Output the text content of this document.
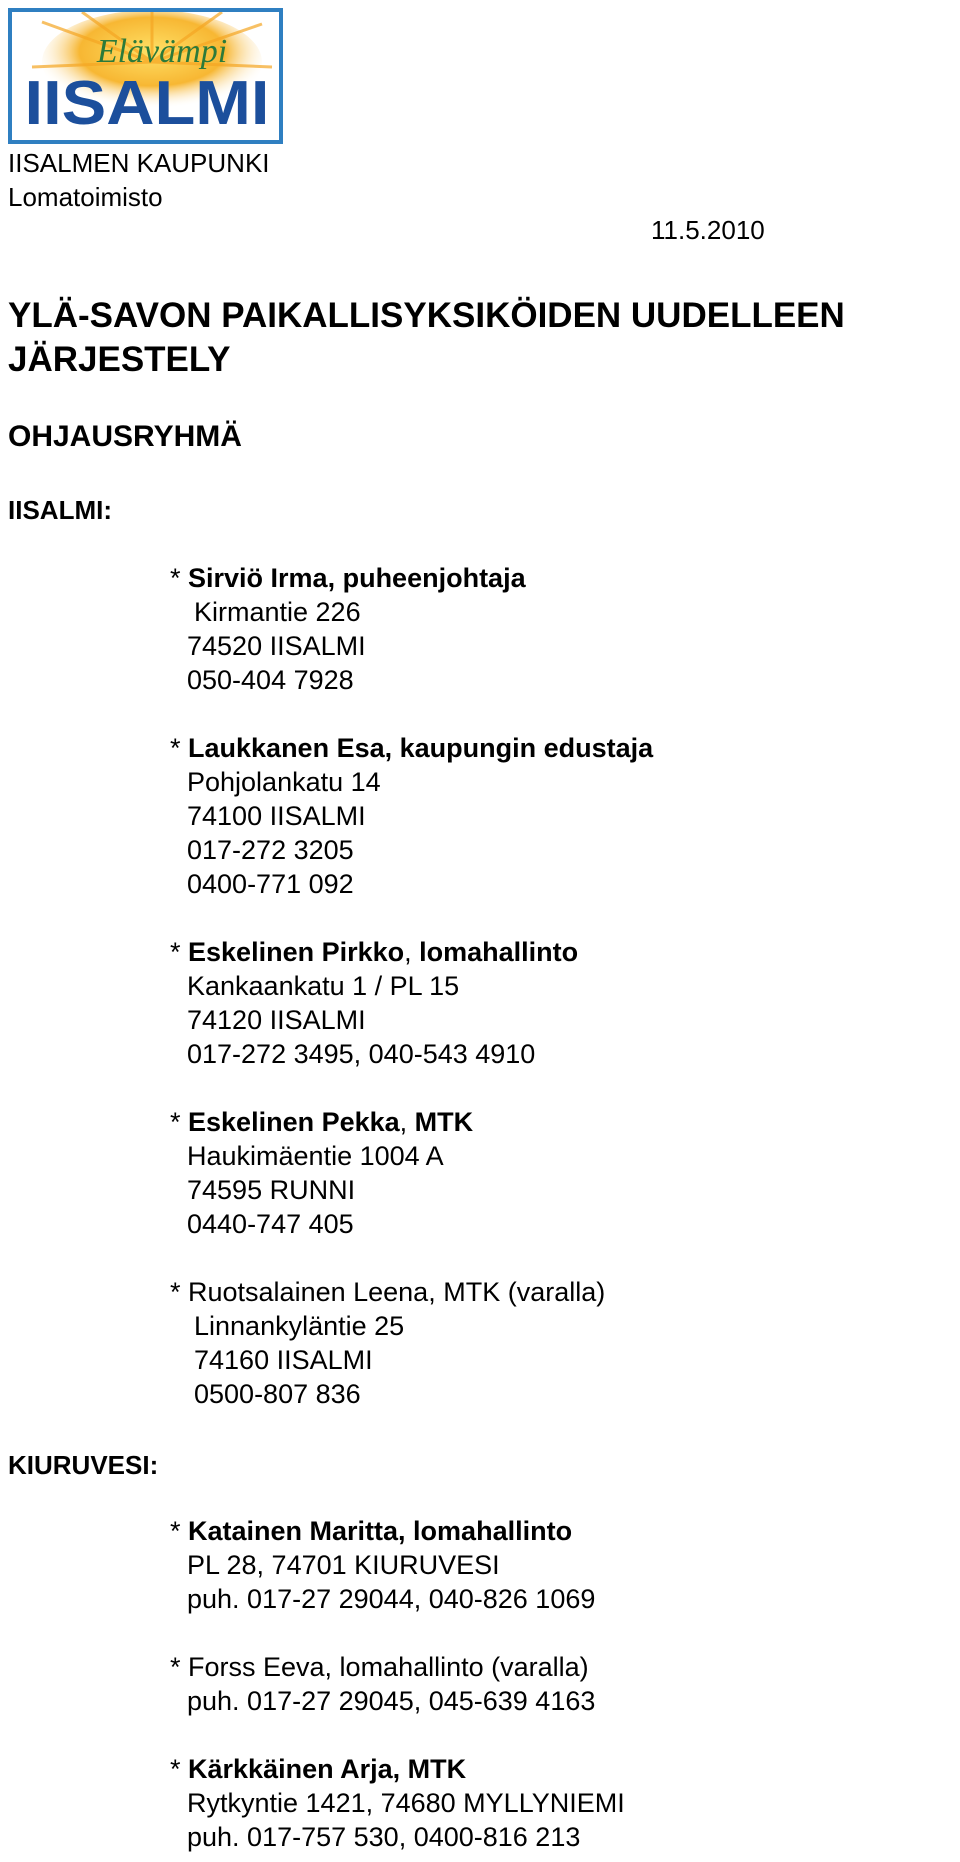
Elävämpi
IISALMI
IISALMEN KAUPUNKI
Lomatoimisto
11.5.2010
YLÄ-SAVON PAIKALLISYKSIKÖIDEN UUDELLEEN
JÄRJESTELY
OHJAUSRYHMÄ
IISALMI:
* Sirviö Irma, puheenjohtaja
Kirmantie 226
74520 IISALMI
050-404 7928
* Laukkanen Esa, kaupungin edustaja
Pohjolankatu 14
74100 IISALMI
017-272 3205
0400-771 092
* Eskelinen Pirkko, lomahallinto
Kankaankatu 1 / PL 15
74120 IISALMI
017-272 3495, 040-543 4910
* Eskelinen Pekka, MTK
Haukimäentie 1004 A
74595 RUNNI
0440-747 405
* Ruotsalainen Leena, MTK (varalla)
Linnankyläntie 25
74160 IISALMI
0500-807 836
KIURUVESI:
* Katainen Maritta, lomahallinto
PL 28, 74701 KIURUVESI
puh. 017-27 29044, 040-826 1069
* Forss Eeva, lomahallinto (varalla)
puh. 017-27 29045, 045-639 4163
* Kärkkäinen Arja, MTK
Rytkyntie 1421, 74680 MYLLYNIEMI
puh. 017-757 530, 0400-816 213
